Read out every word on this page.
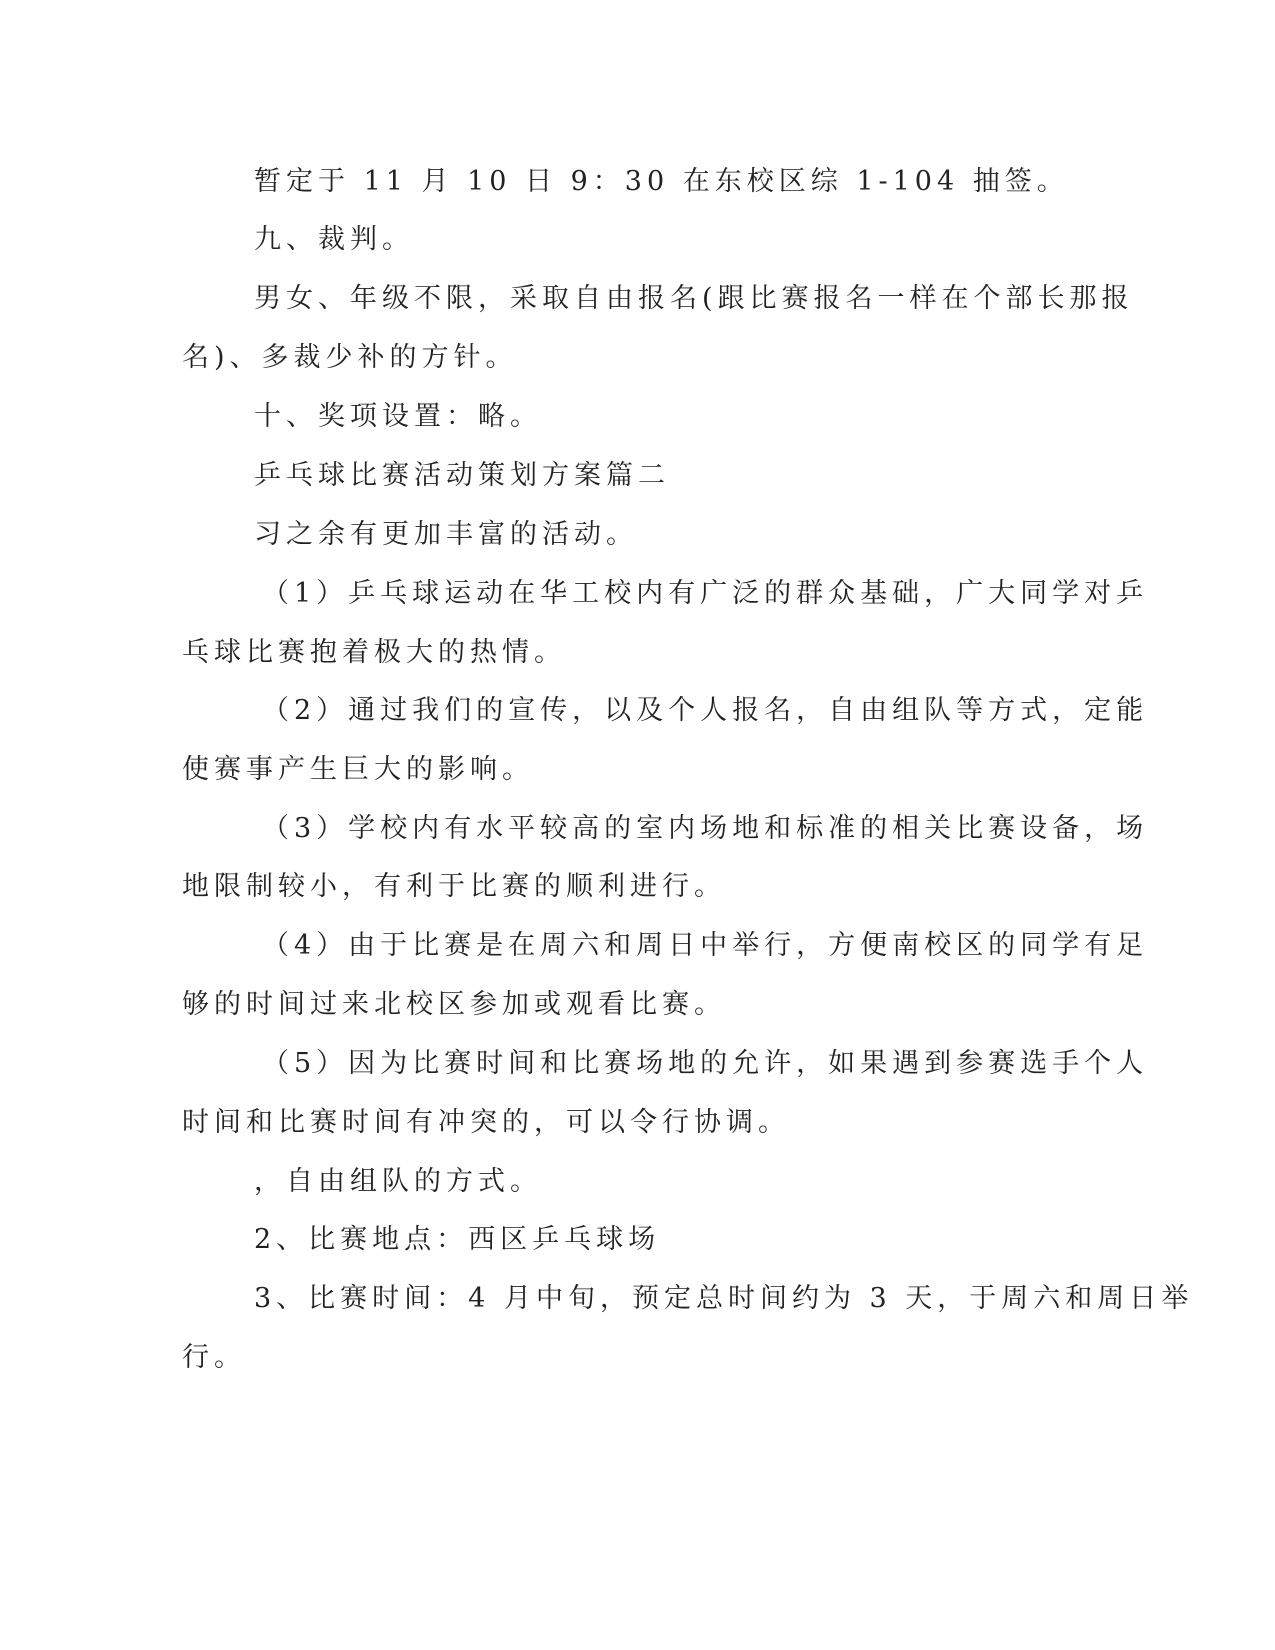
暂定于 11 月 10 日 9：30 在东校区综 1-104 抽签。
九、裁判。
男女、年级不限，采取自由报名(跟比赛报名一样在个部长那报
名)、多裁少补的方针。
十、奖项设置：略。
乒乓球比赛活动策划方案篇二
习之余有更加丰富的活动。
（1）乒乓球运动在华工校内有广泛的群众基础，广大同学对乒
乓球比赛抱着极大的热情。
（2）通过我们的宣传，以及个人报名，自由组队等方式，定能
使赛事产生巨大的影响。
（3）学校内有水平较高的室内场地和标准的相关比赛设备，场
地限制较小，有利于比赛的顺利进行。
（4）由于比赛是在周六和周日中举行，方便南校区的同学有足
够的时间过来北校区参加或观看比赛。
（5）因为比赛时间和比赛场地的允许，如果遇到参赛选手个人
时间和比赛时间有冲突的，可以令行协调。
，自由组队的方式。
2、比赛地点：西区乒乓球场
3、比赛时间：4 月中旬，预定总时间约为 3 天，于周六和周日举
行。
